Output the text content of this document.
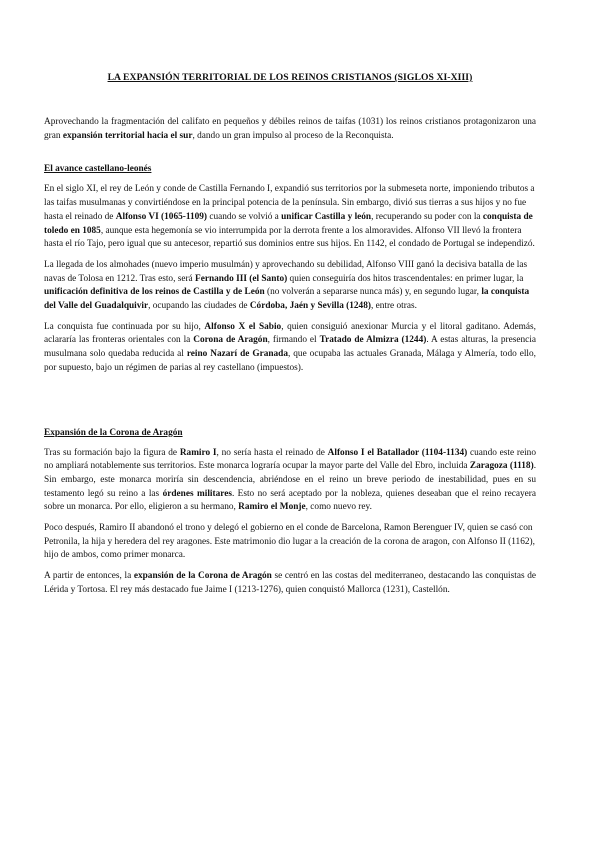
LA EXPANSIÓN TERRITORIAL DE LOS REINOS CRISTIANOS (SIGLOS XI-XIII)

Aprovechando la fragmentación del califato en pequeños y débiles reinos de taifas (1031) los reinos cristianos protagonizaron una gran expansión territorial hacia el sur, dando un gran impulso al proceso de la Reconquista.

El avance castellano-leonés

En el siglo XI, el rey de León y conde de Castilla Fernando I, expandió sus territorios por la submeseta norte, imponiendo tributos a las taifas musulmanas y convirtiéndose en la principal potencia de la península. Sin embargo, divió sus tierras a sus hijos y no fue hasta el reinado de Alfonso VI (1065-1109) cuando se volvió a unificar Castilla y león, recuperando su poder con la conquista de toledo en 1085, aunque esta hegemonía se vio interrumpida por la derrota frente a los almoravides. Alfonso VII llevó la frontera hasta el río Tajo, pero igual que su antecesor, repartió sus dominios entre sus hijos. En 1142, el condado de Portugal se independizó.

La llegada de los almohades (nuevo imperio musulmán) y aprovechando su debilidad, Alfonso VIII ganó la decisiva batalla de las navas de Tolosa en 1212. Tras esto, será Fernando III (el Santo) quien conseguiría dos hitos trascendentales: en primer lugar, la unificación definitiva de los reinos de Castilla y de León (no volverán a separarse nunca más) y, en segundo lugar, la conquista del Valle del Guadalquivir, ocupando las ciudades de Córdoba, Jaén y Sevilla (1248), entre otras.

La conquista fue continuada por su hijo, Alfonso X el Sabio, quien consiguió anexionar Murcia y el litoral gaditano. Además, aclararía las fronteras orientales con la Corona de Aragón, firmando el Tratado de Almizra (1244). A estas alturas, la presencia musulmana solo quedaba reducida al reino Nazarí de Granada, que ocupaba las actuales Granada, Málaga y Almería, todo ello, por supuesto, bajo un régimen de parias al rey castellano (impuestos).

Expansión de la Corona de Aragón

Tras su formación bajo la figura de Ramiro I, no sería hasta el reinado de Alfonso I el Batallador (1104-1134) cuando este reino no ampliará notablemente sus territorios. Este monarca lograría ocupar la mayor parte del Valle del Ebro, incluida Zaragoza (1118). Sin embargo, este monarca moriría sin descendencia, abriéndose en el reino un breve periodo de inestabilidad, pues en su testamento legó su reino a las órdenes militares. Esto no será aceptado por la nobleza, quienes deseaban que el reino recayera sobre un monarca. Por ello, eligieron a su hermano, Ramiro el Monje, como nuevo rey.

Poco después, Ramiro II abandonó el trono y delegó el gobierno en el conde de Barcelona, Ramon Berenguer IV, quien se casó con Petronila, la hija y heredera del rey aragones. Este matrimonio dio lugar a la creación de la corona de aragon, con Alfonso II (1162), hijo de ambos, como primer monarca.

A partir de entonces, la expansión de la Corona de Aragón se centró en las costas del mediterraneo, destacando las conquistas de Lérida y Tortosa. El rey más destacado fue Jaime I (1213-1276), quien conquistó Mallorca (1231), Castellón.
